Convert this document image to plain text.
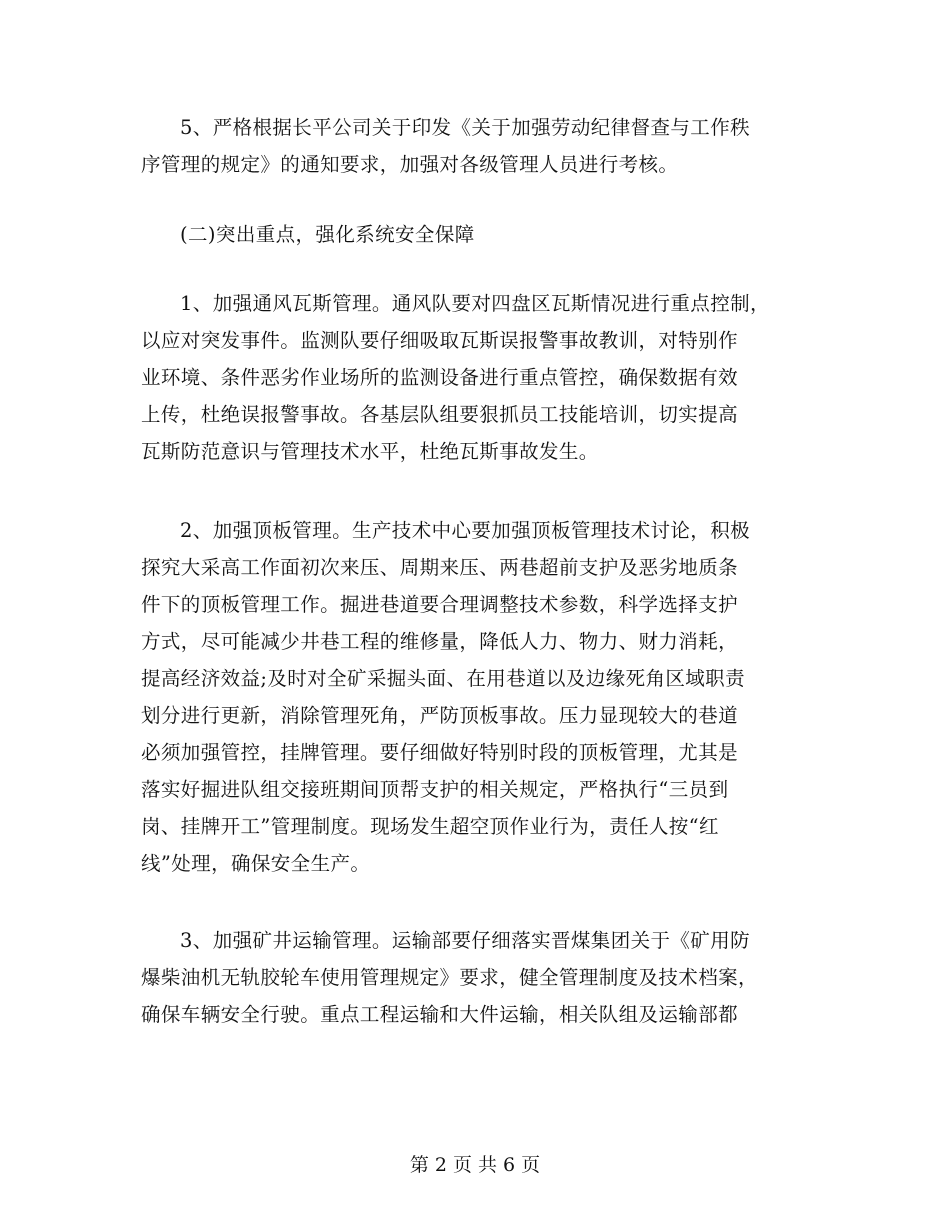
5、严格根据长平公司关于印发《关于加强劳动纪律督查与工作秩
序管理的规定》的通知要求，加强对各级管理人员进行考核。
(二)突出重点，强化系统安全保障
1、加强通风瓦斯管理。通风队要对四盘区瓦斯情况进行重点控制，
以应对突发事件。监测队要仔细吸取瓦斯误报警事故教训，对特别作
业环境、条件恶劣作业场所的监测设备进行重点管控，确保数据有效
上传，杜绝误报警事故。各基层队组要狠抓员工技能培训，切实提高
瓦斯防范意识与管理技术水平，杜绝瓦斯事故发生。
2、加强顶板管理。生产技术中心要加强顶板管理技术讨论，积极
探究大采高工作面初次来压、周期来压、两巷超前支护及恶劣地质条
件下的顶板管理工作。掘进巷道要合理调整技术参数，科学选择支护
方式，尽可能减少井巷工程的维修量，降低人力、物力、财力消耗，
提高经济效益;及时对全矿采掘头面、在用巷道以及边缘死角区域职责
划分进行更新，消除管理死角，严防顶板事故。压力显现较大的巷道
必须加强管控，挂牌管理。要仔细做好特别时段的顶板管理，尤其是
落实好掘进队组交接班期间顶帮支护的相关规定，严格执行“三员到
岗、挂牌开工”管理制度。现场发生超空顶作业行为，责任人按“红
线”处理，确保安全生产。
3、加强矿井运输管理。运输部要仔细落实晋煤集团关于《矿用防
爆柴油机无轨胶轮车使用管理规定》要求，健全管理制度及技术档案，
确保车辆安全行驶。重点工程运输和大件运输，相关队组及运输部都
第 2 页 共 6 页
